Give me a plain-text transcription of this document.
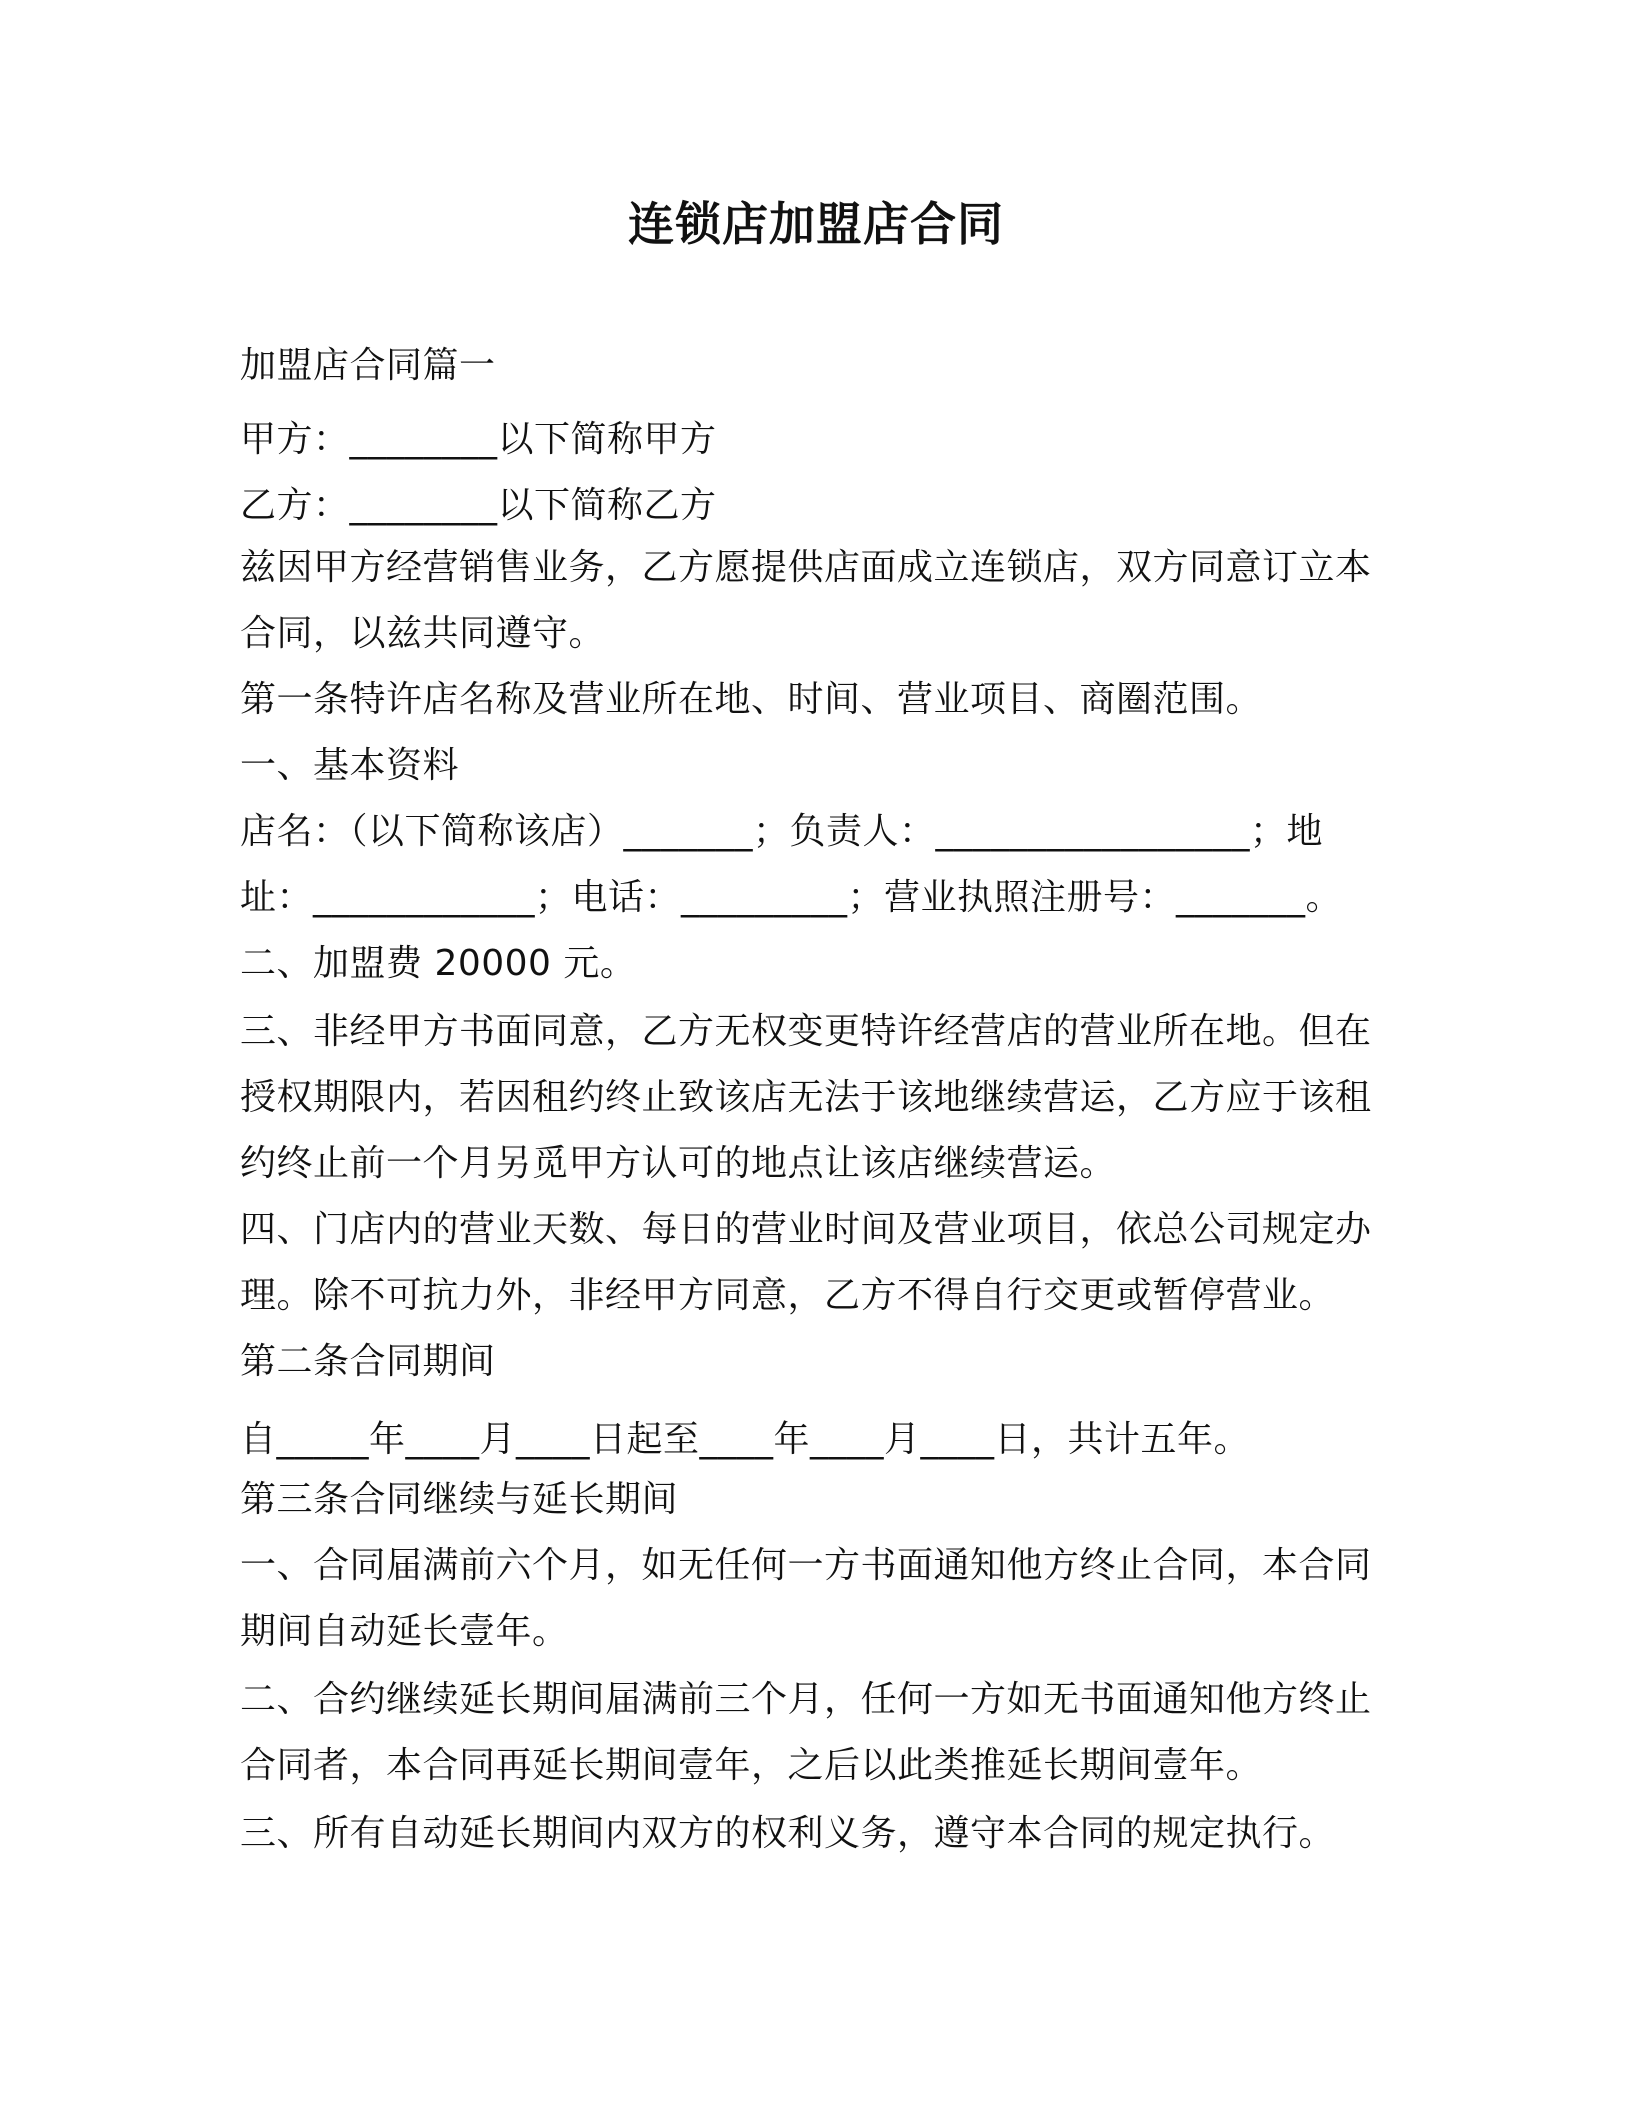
连锁店加盟店合同
加盟店合同篇一
甲方：________以下简称甲方
乙方：________以下简称乙方
兹因甲方经营销售业务，乙方愿提供店面成立连锁店，双方同意订立本
合同，以兹共同遵守。
第一条特许店名称及营业所在地、时间、营业项目、商圈范围。
一、基本资料
店名：（以下简称该店）_______；负责人：_________________；地
址：____________；电话：_________；营业执照注册号：_______。
二、加盟费 20000 元。
三、非经甲方书面同意，乙方无权变更特许经营店的营业所在地。但在
授权期限内，若因租约终止致该店无法于该地继续营运，乙方应于该租
约终止前一个月另觅甲方认可的地点让该店继续营运。
四、门店内的营业天数、每日的营业时间及营业项目，依总公司规定办
理。除不可抗力外，非经甲方同意，乙方不得自行交更或暂停营业。
第二条合同期间
自_____年____月____日起至____年____月____日，共计五年。
第三条合同继续与延长期间
一、合同届满前六个月，如无任何一方书面通知他方终止合同，本合同
期间自动延长壹年。
二、合约继续延长期间届满前三个月，任何一方如无书面通知他方终止
合同者，本合同再延长期间壹年，之后以此类推延长期间壹年。
三、所有自动延长期间内双方的权利义务，遵守本合同的规定执行。
